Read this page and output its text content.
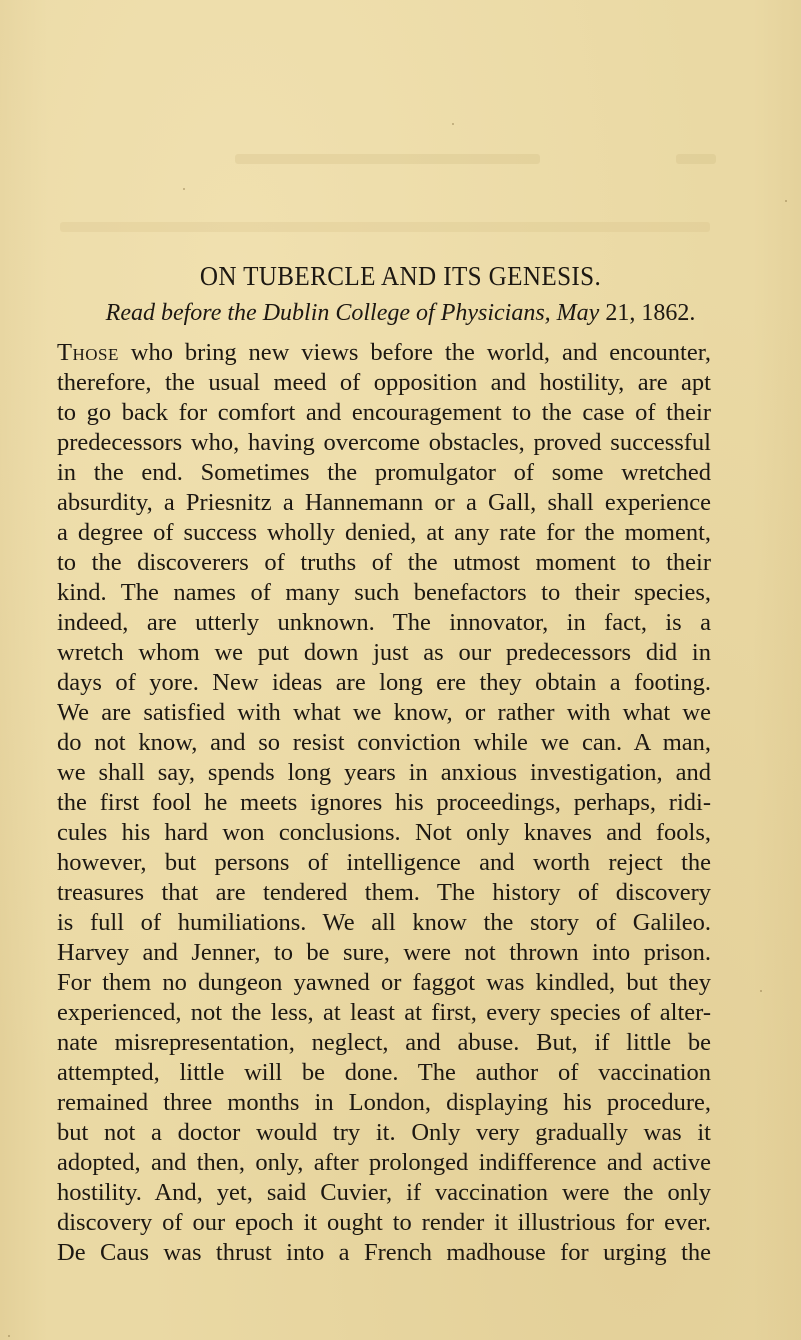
ON TUBERCLE AND ITS GENESIS.
Read before the Dublin College of Physicians, May 21, 1862.
Those who bring new views before the world, and encounter,
therefore, the usual meed of opposition and hostility, are apt
to go back for comfort and encouragement to the case of their
predecessors who, having overcome obstacles, proved successful
in the end. Sometimes the promulgator of some wretched
absurdity, a Priesnitz a Hannemann or a Gall, shall experience
a degree of success wholly denied, at any rate for the moment,
to the discoverers of truths of the utmost moment to their
kind. The names of many such benefactors to their species,
indeed, are utterly unknown. The innovator, in fact, is a
wretch whom we put down just as our predecessors did in
days of yore. New ideas are long ere they obtain a footing.
We are satisfied with what we know, or rather with what we
do not know, and so resist conviction while we can. A man,
we shall say, spends long years in anxious investigation, and
the first fool he meets ignores his proceedings, perhaps, ridi-
cules his hard won conclusions. Not only knaves and fools,
however, but persons of intelligence and worth reject the
treasures that are tendered them. The history of discovery
is full of humiliations. We all know the story of Galileo.
Harvey and Jenner, to be sure, were not thrown into prison.
For them no dungeon yawned or faggot was kindled, but they
experienced, not the less, at least at first, every species of alter-
nate misrepresentation, neglect, and abuse. But, if little be
attempted, little will be done. The author of vaccination
remained three months in London, displaying his procedure,
but not a doctor would try it. Only very gradually was it
adopted, and then, only, after prolonged indifference and active
hostility. And, yet, said Cuvier, if vaccination were the only
discovery of our epoch it ought to render it illustrious for ever.
De Caus was thrust into a French madhouse for urging the
